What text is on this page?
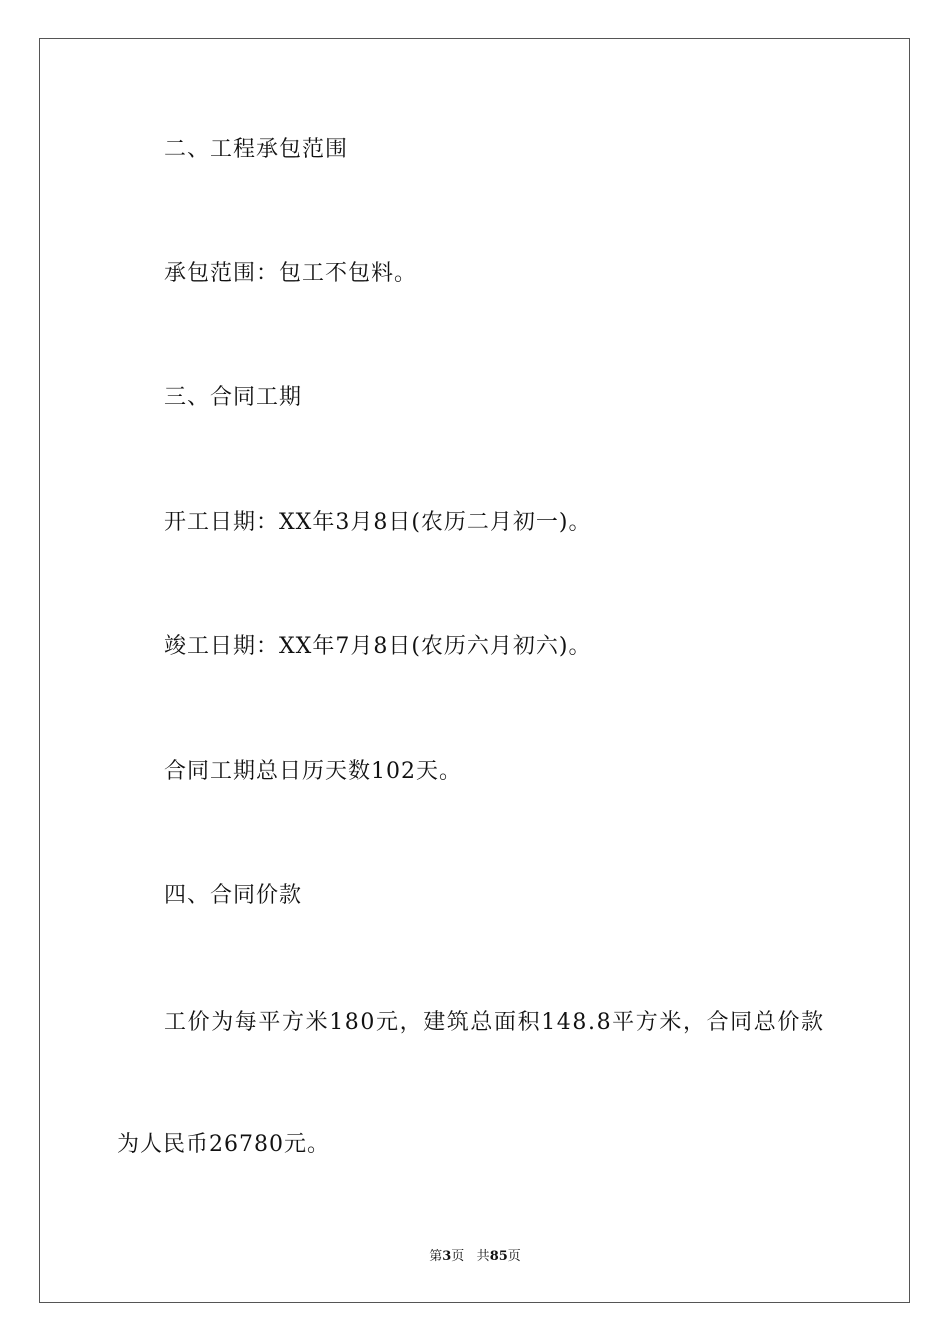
二、工程承包范围
承包范围：包工不包料。
三、合同工期
开工日期：XX年3月8日(农历二月初一)。
竣工日期：XX年7月8日(农历六月初六)。
合同工期总日历天数102天。
四、合同价款
工价为每平方米180元，建筑总面积148.8平方米，合同总价款
为人民币26780元。
第3页 共85页
